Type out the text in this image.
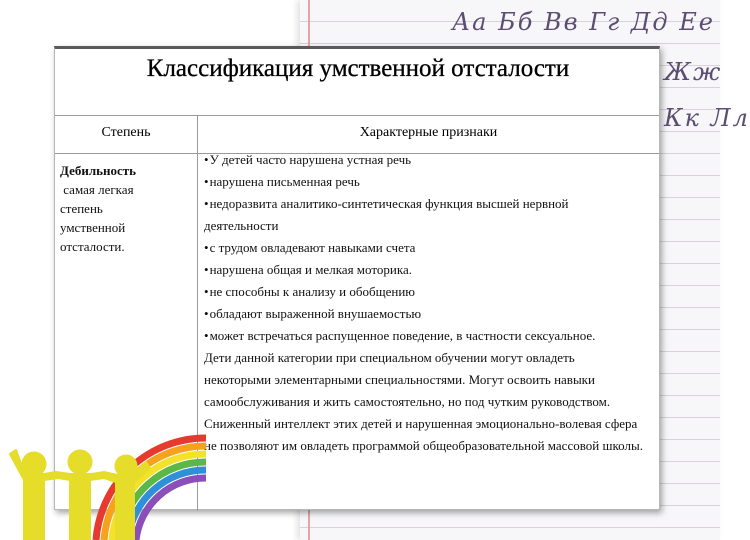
Аа Бб Вв Гг Дд Ее
Жж
Кк Лл
Классификация умственной отсталости
Степень	Характерные признаки
Дебильность
самая легкая
степень
умственной
отсталости.
• У детей часто нарушена устная речь
• нарушена письменная речь
• недоразвита аналитико-синтетическая функция высшей нервной деятельности
• с трудом овладевают навыками счета
• нарушена общая и мелкая моторика.
• не способны к анализу и обобщению
• обладают выраженной внушаемостью
• может встречаться распущенное поведение, в частности сексуальное.

Дети данной категории при специальном обучении могут овладеть некоторыми элементарными специальностями. Могут освоить навыки самообслуживания и жить самостоятельно, но под чутким руководством. Сниженный интеллект этих детей и нарушенная эмоционально-волевая сфера не позволяют им овладеть программой общеобразовательной массовой школы.
